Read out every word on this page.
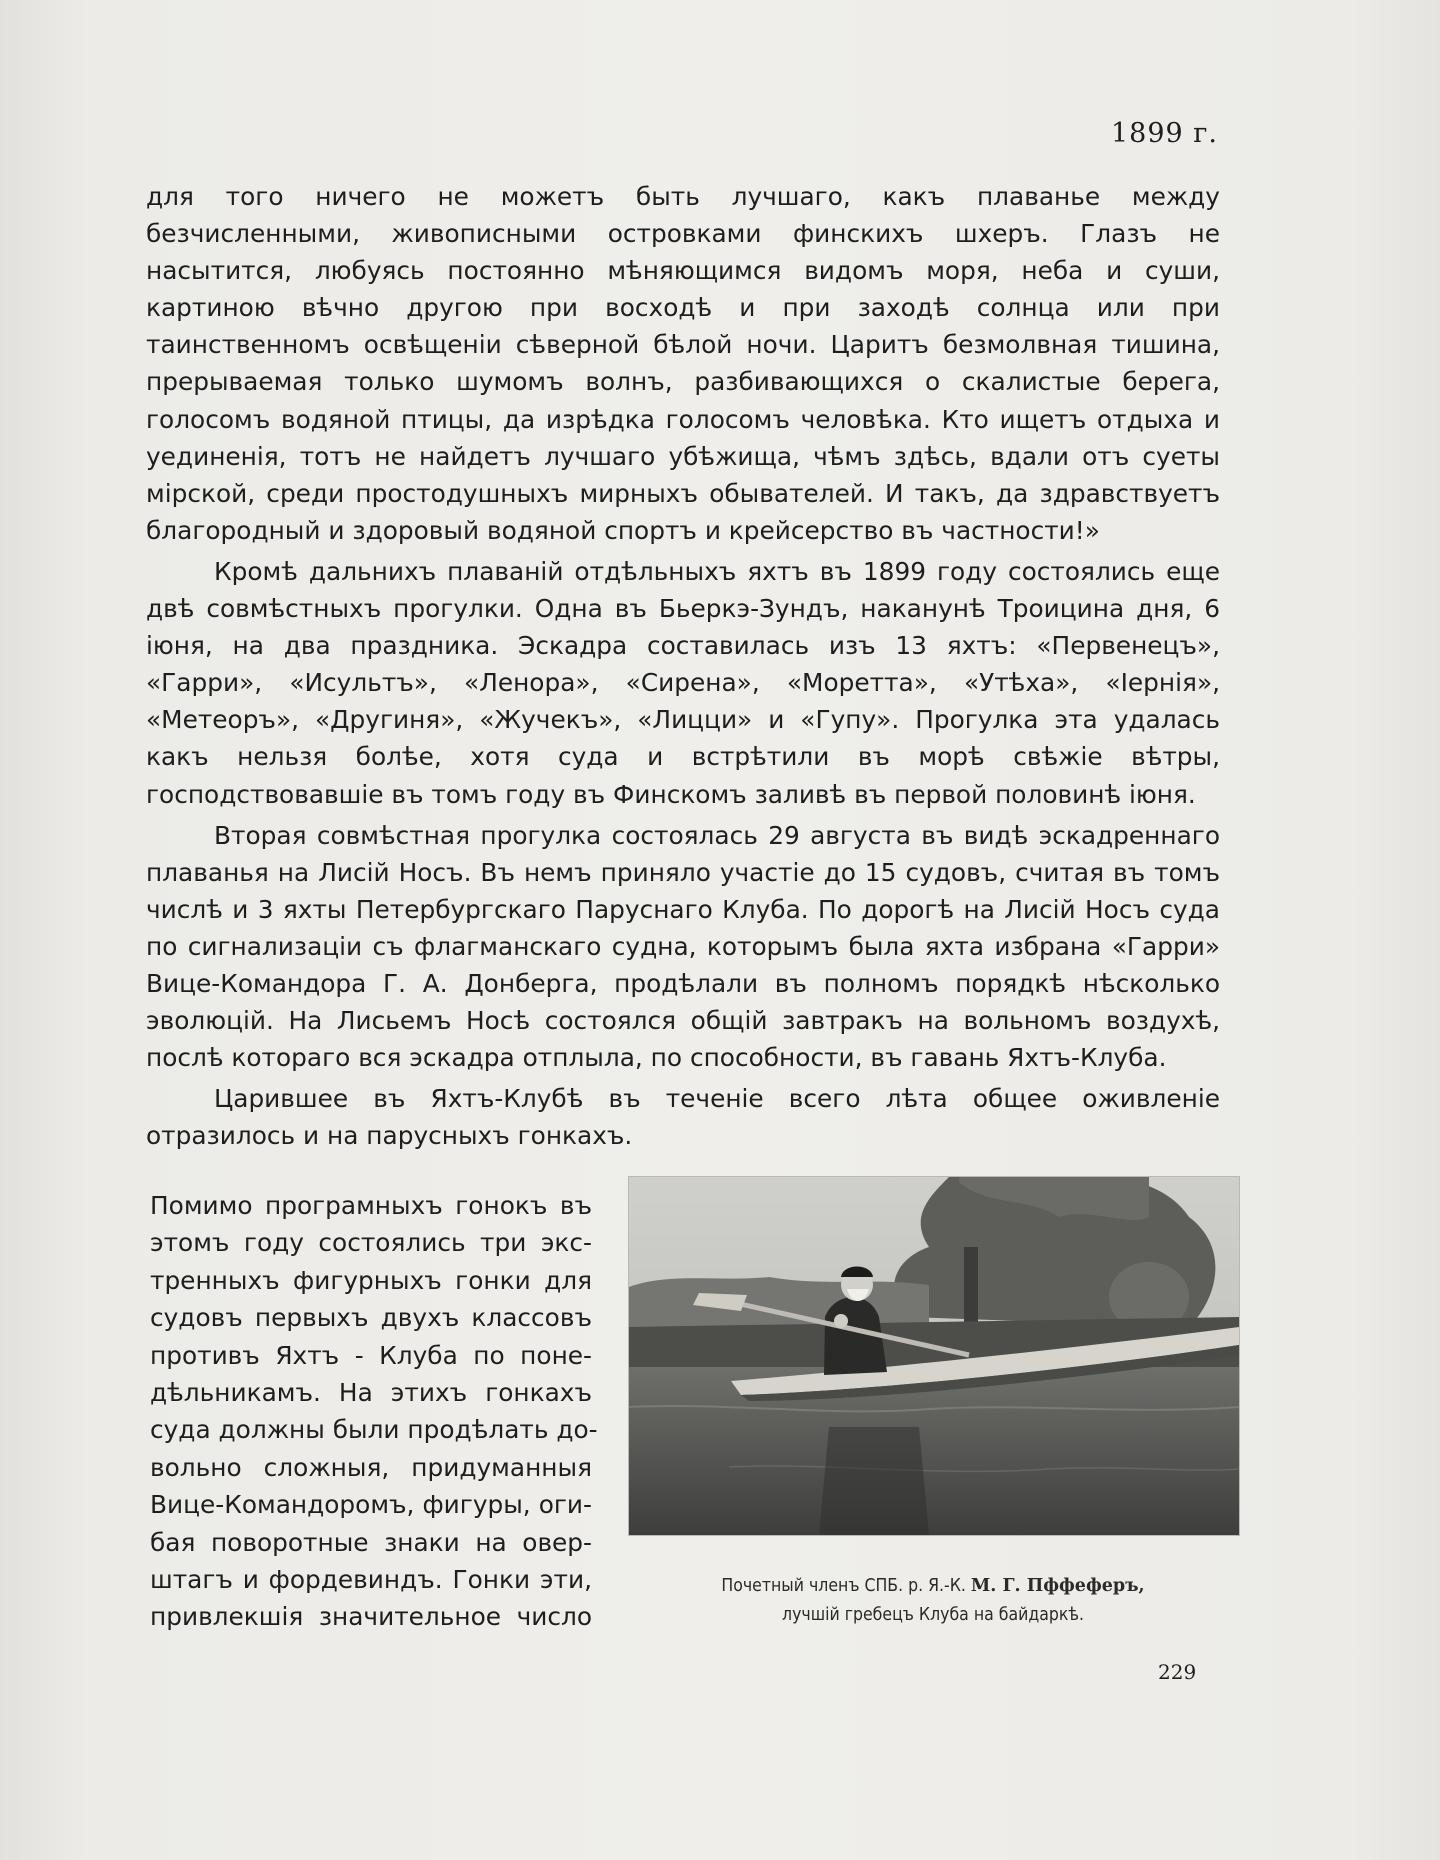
1899 г.

для того ничего не можетъ быть лучшаго, какъ плаванье между безчисленными, живописными островками финскихъ шхеръ. Глазъ не насытится, любуясь постоянно мѣняющимся видомъ моря, неба и суши, картиною вѣчно другою при восходѣ и при заходѣ солнца или при таинственномъ освѣщенiи сѣверной бѣлой ночи. Царитъ безмолвная тишина, прерываемая только шумомъ волнъ, разбивающихся о скалистые берега, голосомъ водяной птицы, да изрѣдка голосомъ человѣка. Кто ищетъ отдыха и уединенiя, тотъ не найдетъ лучшаго убѣжища, чѣмъ здѣсь, вдали отъ суеты мiрской, среди простодушныхъ мирныхъ обывателей. И такъ, да здравствуетъ благородный и здоровый водяной спортъ и крейсерство въ частности!»

Кромѣ дальнихъ плаванiй отдѣльныхъ яхтъ въ 1899 году состоялись еще двѣ совмѣстныхъ прогулки. Одна въ Бьеркэ-Зундъ, наканунѣ Троицина дня, 6 iюня, на два праздника. Эскадра составилась изъ 13 яхтъ: «Первенецъ», «Гарри», «Исультъ», «Ленора», «Сирена», «Моретта», «Утѣха», «Iернiя», «Метеоръ», «Другиня», «Жучекъ», «Лицци» и «Гупу». Прогулка эта удалась какъ нельзя болѣе, хотя суда и встрѣтили въ морѣ свѣжiе вѣтры, господствовавшiе въ томъ году въ Финскомъ заливѣ въ первой половинѣ iюня.

Вторая совмѣстная прогулка состоялась 29 августа въ видѣ эскадреннаго плаванья на Лисiй Носъ. Въ немъ приняло участiе до 15 судовъ, считая въ томъ числѣ и 3 яхты Петербургскаго Паруснаго Клуба. По дорогѣ на Лисiй Носъ суда по сигнализацiи съ флагманскаго судна, которымъ была яхта избрана «Гарри» Вице-Командора Г. А. Донберга, продѣлали въ полномъ порядкѣ нѣсколько эволюцiй. На Лисьемъ Носѣ состоялся общiй завтракъ на вольномъ воздухѣ, послѣ котораго вся эскадра отплыла, по способности, въ гавань Яхтъ-Клуба.

Царившее въ Яхтъ-Клубѣ въ теченiе всего лѣта общее оживленiе отразилось и на парусныхъ гонкахъ.

Помимо програмныхъ гонокъ въ
этомъ году состоялись три экс-
тренныхъ фигурныхъ гонки для
судовъ первыхъ двухъ классовъ
противъ Яхтъ - Клуба по поне-
дѣльникамъ. На этихъ гонкахъ
суда должны были продѣлать до-
вольно сложныя, придуманныя
Вице-Командоромъ, фигуры, оги-
бая поворотные знаки на овер-
штагъ и фордевиндъ. Гонки эти,
привлекшiя значительное число
Почетный членъ СПБ. р. Я.-К. М. Г. Пффеферъ,
лучшiй гребецъ Клуба на байдаркѣ.
229
